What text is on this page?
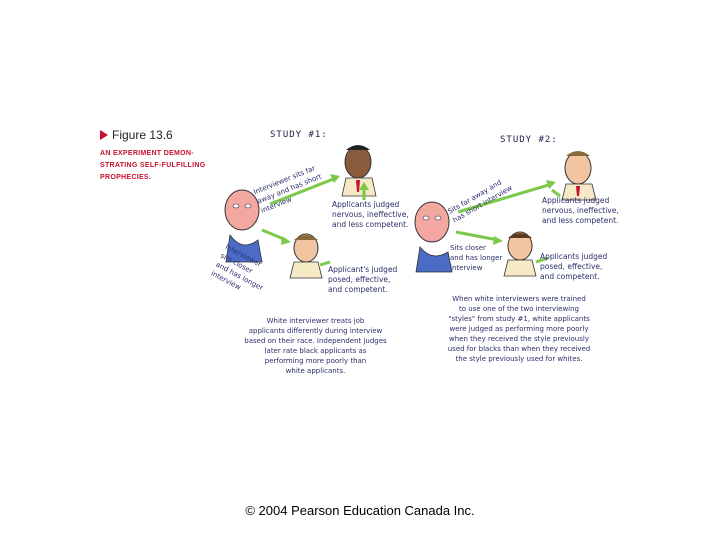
Figure 13.6
AN EXPERIMENT DEMON-
STRATING SELF-FULFILLING
PROPHECIES.
STUDY #1:
Interviewer sits far
away and has short
interview
Interviewer
sits closer
and has longer
interview
Applicants judged
nervous, ineffective,
and less competent.
Applicant's judged
posed, effective,
and competent.
White interviewer treats job
applicants differently during interview
based on their race. Independent judges
later rate black applicants as
performing more poorly than
white applicants.
STUDY #2:
Sits far away and
has short interview
Sits closer
and has longer
interview
Applicants judged
nervous, ineffective,
and less competent.
Applicants judged
posed, effective,
and competent.
When white interviewers were trained
to use one of the two interviewing
"styles" from study #1, white applicants
were judged as performing more poorly
when they received the style previously
used for blacks than when they received
the style previously used for whites.
© 2004 Pearson Education Canada Inc.
